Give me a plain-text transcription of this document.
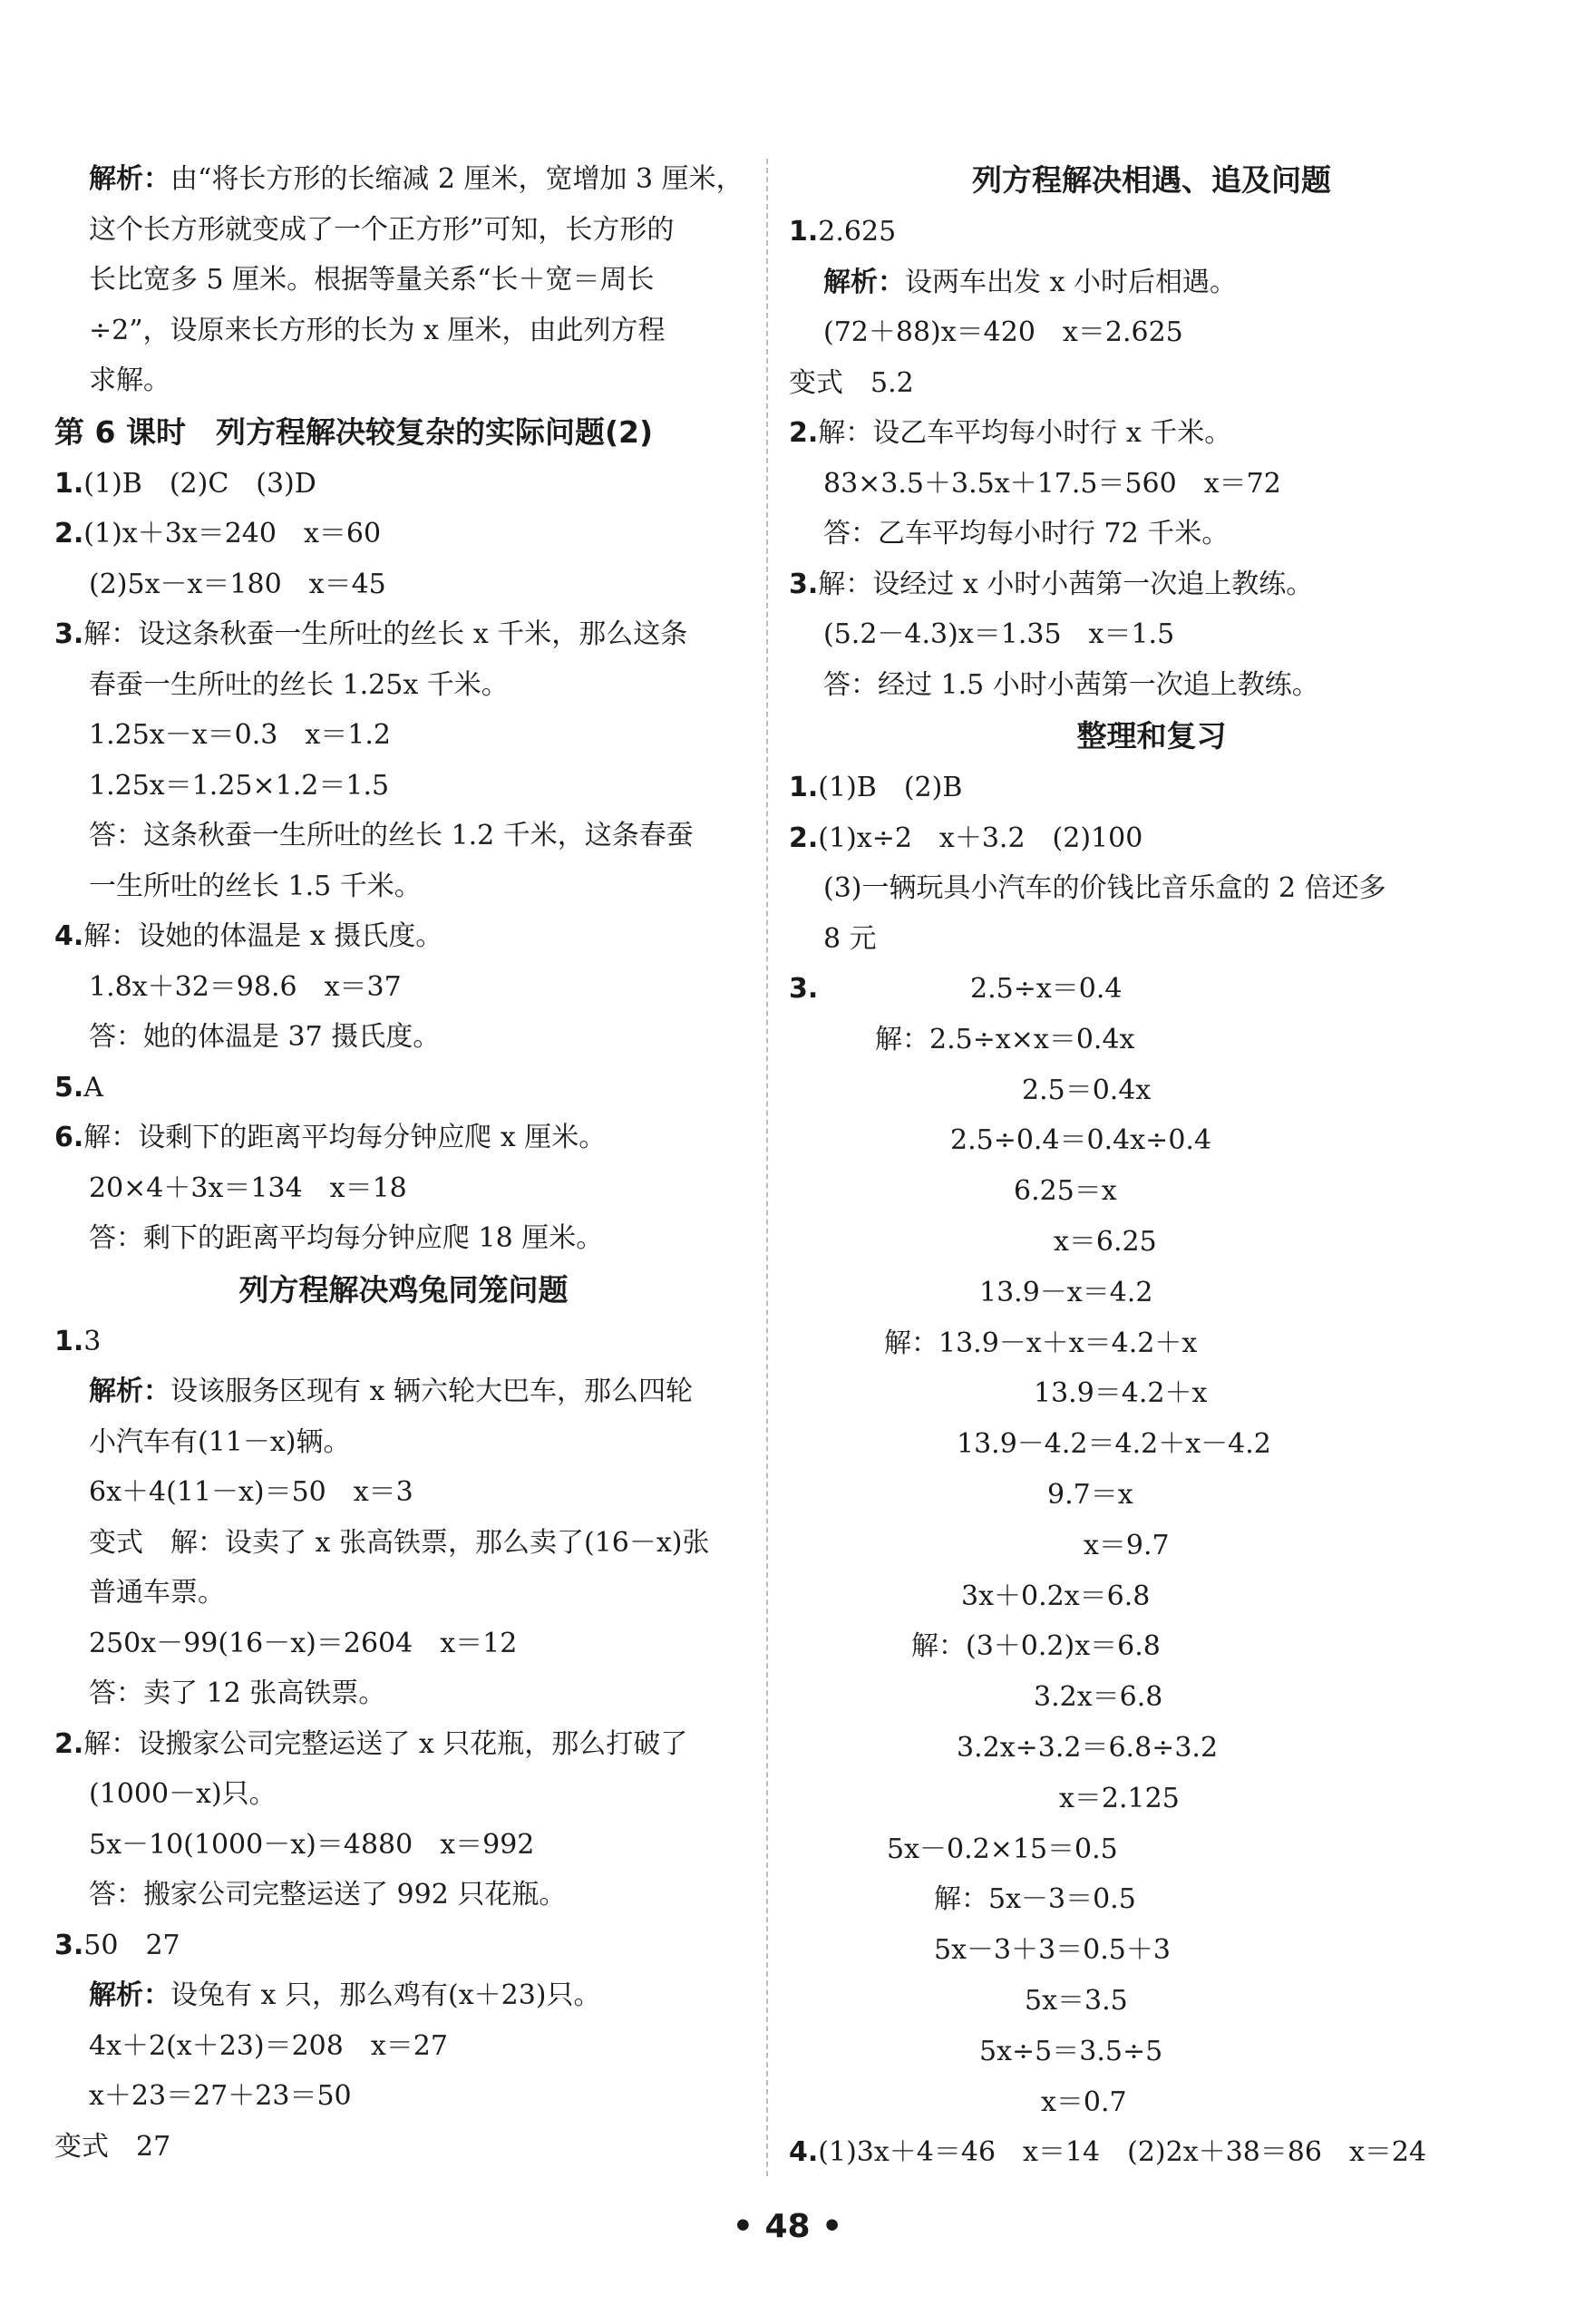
解析：由“将长方形的长缩减 2 厘米，宽增加 3 厘米，
这个长方形就变成了一个正方形”可知，长方形的
长比宽多 5 厘米。根据等量关系“长＋宽＝周长
÷2”，设原来长方形的长为 x 厘米，由此列方程
求解。
第 6 课时　列方程解决较复杂的实际问题(2)
1.(1)B　(2)C　(3)D
2.(1)x＋3x＝240　x＝60
(2)5x－x＝180　x＝45
3.解：设这条秋蚕一生所吐的丝长 x 千米，那么这条
春蚕一生所吐的丝长 1.25x 千米。
1.25x－x＝0.3　x＝1.2
1.25x＝1.25×1.2＝1.5
答：这条秋蚕一生所吐的丝长 1.2 千米，这条春蚕
一生所吐的丝长 1.5 千米。
4.解：设她的体温是 x 摄氏度。
1.8x＋32＝98.6　x＝37
答：她的体温是 37 摄氏度。
5.A
6.解：设剩下的距离平均每分钟应爬 x 厘米。
20×4＋3x＝134　x＝18
答：剩下的距离平均每分钟应爬 18 厘米。
列方程解决鸡兔同笼问题
1.3
解析：设该服务区现有 x 辆六轮大巴车，那么四轮
小汽车有(11－x)辆。
6x＋4(11－x)＝50　x＝3
变式　解：设卖了 x 张高铁票，那么卖了(16－x)张
普通车票。
250x－99(16－x)＝2604　x＝12
答：卖了 12 张高铁票。
2.解：设搬家公司完整运送了 x 只花瓶，那么打破了
(1000－x)只。
5x－10(1000－x)＝4880　x＝992
答：搬家公司完整运送了 992 只花瓶。
3.50　27
解析：设兔有 x 只，那么鸡有(x＋23)只。
4x＋2(x＋23)＝208　x＝27
x＋23＝27＋23＝50
变式　27
列方程解决相遇、追及问题
1.2.625
解析：设两车出发 x 小时后相遇。
(72＋88)x＝420　x＝2.625
变式　5.2
2.解：设乙车平均每小时行 x 千米。
83×3.5＋3.5x＋17.5＝560　x＝72
答：乙车平均每小时行 72 千米。
3.解：设经过 x 小时小茜第一次追上教练。
(5.2－4.3)x＝1.35　x＝1.5
答：经过 1.5 小时小茜第一次追上教练。
整理和复习
1.(1)B　(2)B
2.(1)x÷2　x＋3.2　(2)100
(3)一辆玩具小汽车的价钱比音乐盒的 2 倍还多
8 元
3.	2.5÷x＝0.4
解：2.5÷x×x＝0.4x
2.5＝0.4x
2.5÷0.4＝0.4x÷0.4
6.25＝x
x＝6.25
13.9－x＝4.2
解：13.9－x＋x＝4.2＋x
13.9＝4.2＋x
13.9－4.2＝4.2＋x－4.2
9.7＝x
x＝9.7
3x＋0.2x＝6.8
解：(3＋0.2)x＝6.8
3.2x＝6.8
3.2x÷3.2＝6.8÷3.2
x＝2.125
5x－0.2×15＝0.5
解：5x－3＝0.5
5x－3＋3＝0.5＋3
5x＝3.5
5x÷5＝3.5÷5
x＝0.7
4.(1)3x＋4＝46　x＝14　(2)2x＋38＝86　x＝24
• 48 •
